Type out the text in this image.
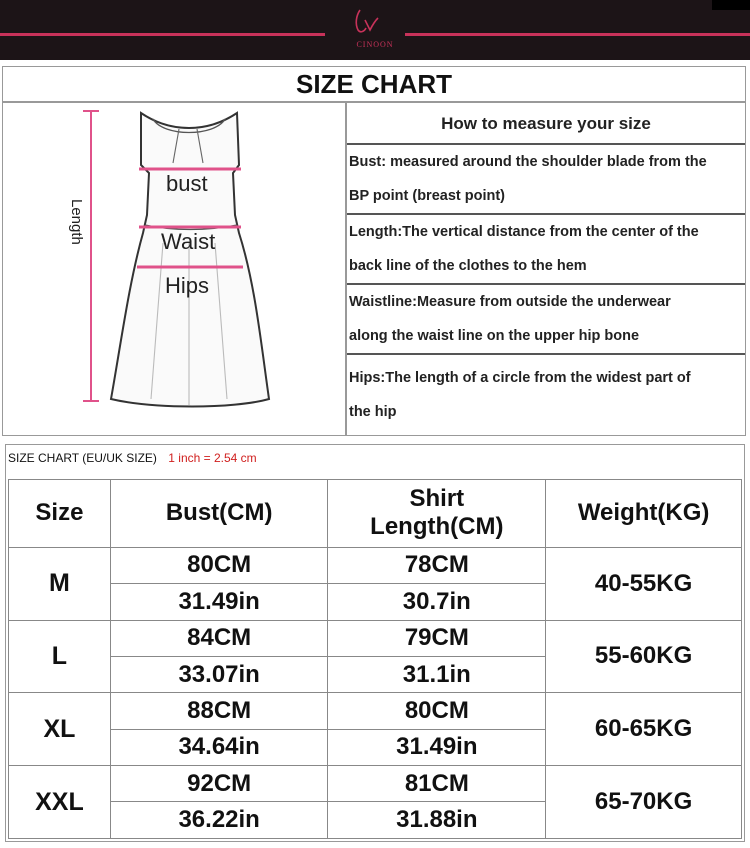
CINOON
SIZE CHART
Length
bust
Waist
Hips
How to measure your size
Bust: measured around the shoulder blade from the
BP point (breast point)
Length:The vertical distance from the center of the
back line of the clothes to the hem
Waistline:Measure from outside the underwear
along the waist line on the upper hip bone
Hips:The length of a circle from the widest part of
the hip
SIZE CHART (EU/UK SIZE) 1 inch = 2.54 cm
Size	Bust(CM)	Shirt
Length(CM)	Weight(KG)
M	80CM	78CM	40-55KG
	31.49in	30.7in	
L	84CM	79CM	55-60KG
	33.07in	31.1in	
XL	88CM	80CM	60-65KG
	34.64in	31.49in	
XXL	92CM	81CM	65-70KG
	36.22in	31.88in	
